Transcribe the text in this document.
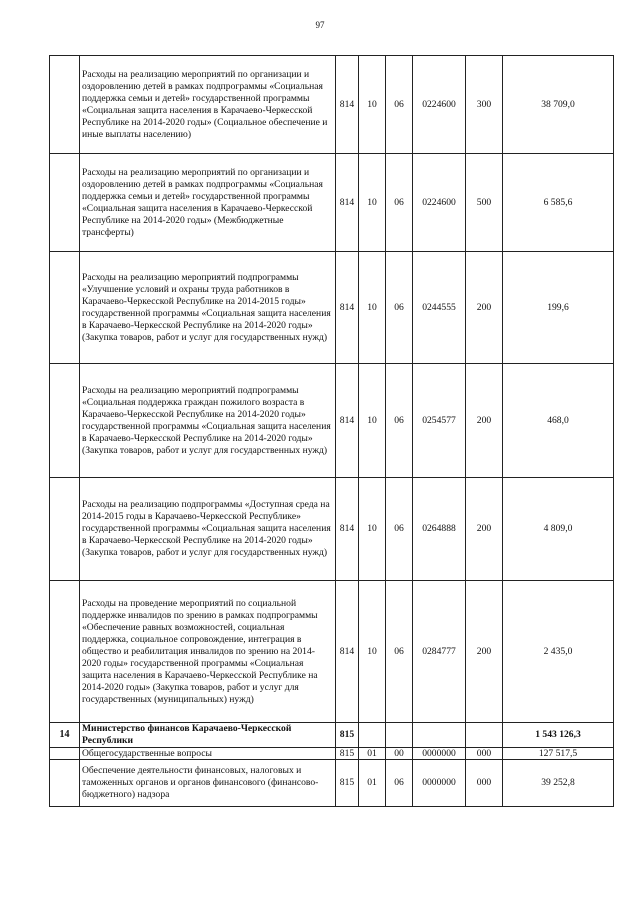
97
	Расходы на реализацию мероприятий по организации и оздоровлению детей в рамках подпрограммы «Социальная поддержка семьи и детей» государственной программы «Социальная защита населения в Карачаево-Черкесской Республике на 2014-2020 годы» (Социальное обеспечение и иные выплаты населению)	814	10	06	0224600	300	38 709,0
	Расходы на реализацию мероприятий по организации и оздоровлению детей в рамках подпрограммы «Социальная поддержка семьи и детей» государственной программы «Социальная защита населения в Карачаево-Черкесской Республике на 2014-2020 годы» (Межбюджетные трансферты)	814	10	06	0224600	500	6 585,6
	Расходы на реализацию мероприятий подпрограммы «Улучшение условий и охраны труда работников в Карачаево-Черкесской Республике на 2014-2015 годы» государственной программы «Социальная защита населения в Карачаево-Черкесской Республике на 2014-2020 годы» (Закупка товаров, работ и услуг для государственных нужд)	814	10	06	0244555	200	199,6
	Расходы на реализацию мероприятий подпрограммы «Социальная поддержка граждан пожилого возраста в Карачаево-Черкесской Республике на 2014-2020 годы» государственной программы «Социальная защита населения в Карачаево-Черкесской Республике на 2014-2020 годы» (Закупка товаров, работ и услуг для государственных нужд)	814	10	06	0254577	200	468,0
	Расходы на реализацию подпрограммы «Доступная среда на 2014-2015 годы в Карачаево-Черкесской Республике» государственной программы «Социальная защита населения в Карачаево-Черкесской Республике на 2014-2020 годы» (Закупка товаров, работ и услуг для государственных нужд)	814	10	06	0264888	200	4 809,0
	Расходы на проведение мероприятий по социальной поддержке инвалидов по зрению в рамках подпрограммы «Обеспечение равных возможностей, социальная поддержка, социальное сопровождение, интеграция в общество и реабилитация инвалидов по зрению на 2014-2020 годы» государственной программы «Социальная защита населения в Карачаево-Черкесской Республике на 2014-2020 годы» (Закупка товаров, работ и услуг для государственных (муниципальных) нужд)	814	10	06	0284777	200	2 435,0
14	Министерство финансов Карачаево-Черкесской Республики	815					1 543 126,3
	Общегосударственные вопросы	815	01	00	0000000	000	127 517,5
	Обеспечение деятельности финансовых, налоговых и таможенных органов и органов финансового (финансово- бюджетного) надзора	815	01	06	0000000	000	39 252,8
